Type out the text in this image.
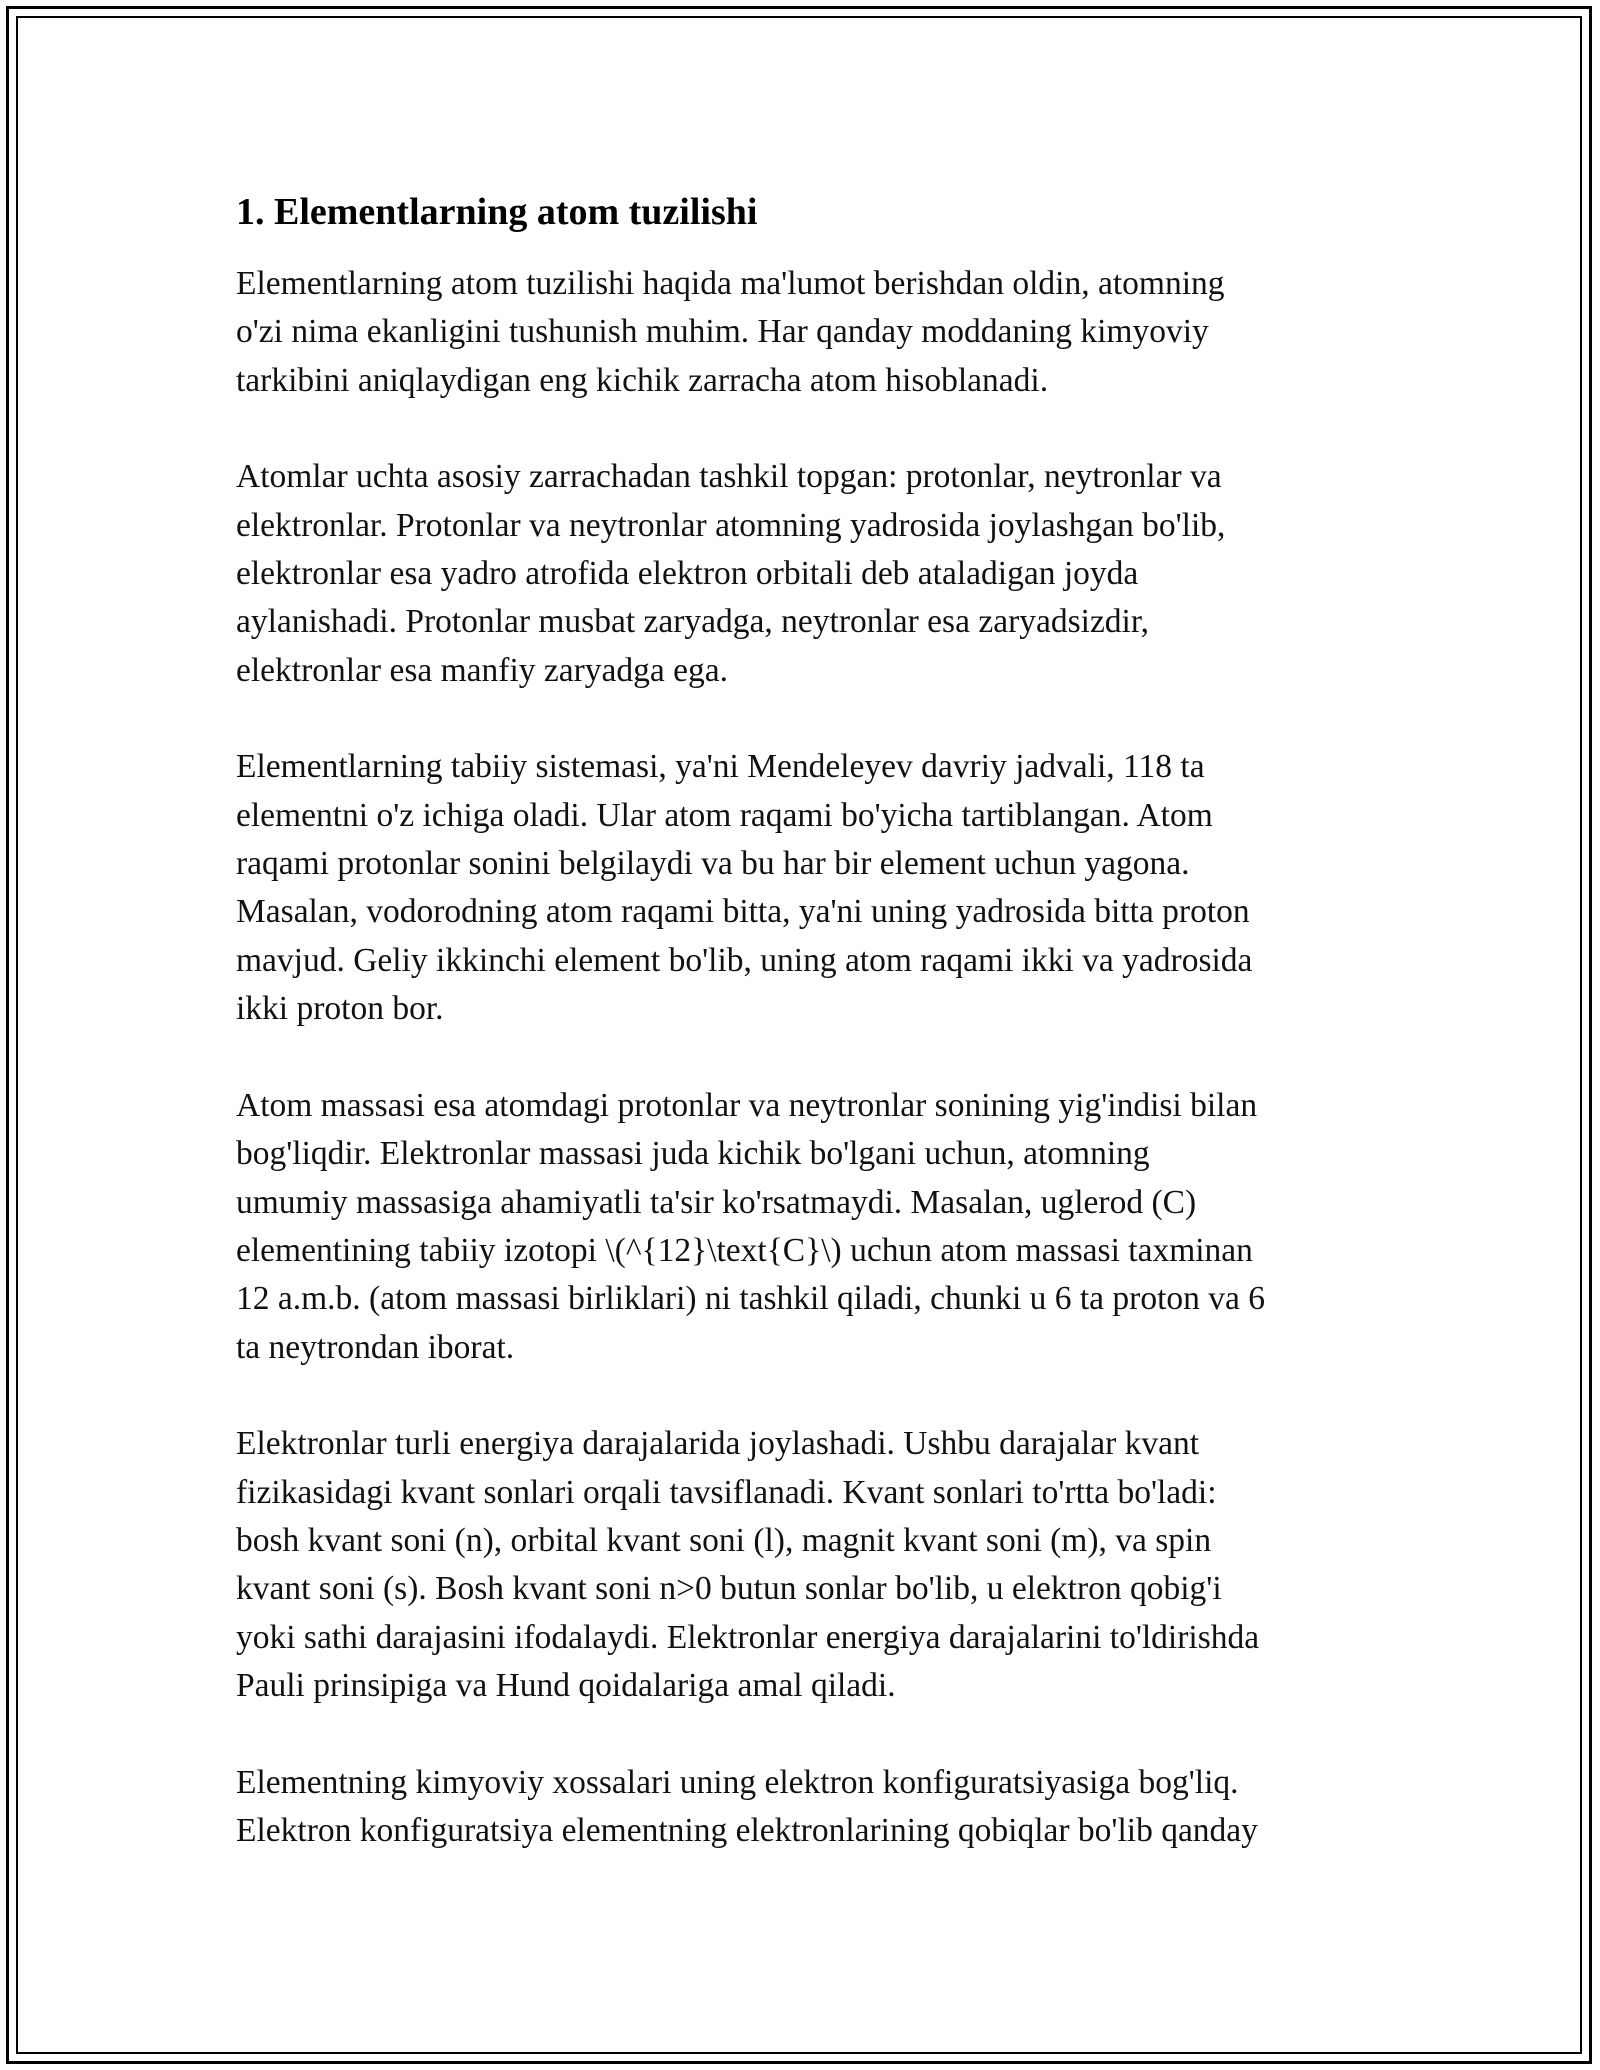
1. Elementlarning atom tuzilishi

Elementlarning atom tuzilishi haqida ma'lumot berishdan oldin, atomning
o'zi nima ekanligini tushunish muhim. Har qanday moddaning kimyoviy
tarkibini aniqlaydigan eng kichik zarracha atom hisoblanadi.

Atomlar uchta asosiy zarrachadan tashkil topgan: protonlar, neytronlar va
elektronlar. Protonlar va neytronlar atomning yadrosida joylashgan bo'lib,
elektronlar esa yadro atrofida elektron orbitali deb ataladigan joyda
aylanishadi. Protonlar musbat zaryadga, neytronlar esa zaryadsizdir,
elektronlar esa manfiy zaryadga ega.

Elementlarning tabiiy sistemasi, ya'ni Mendeleyev davriy jadvali, 118 ta
elementni o'z ichiga oladi. Ular atom raqami bo'yicha tartiblangan. Atom
raqami protonlar sonini belgilaydi va bu har bir element uchun yagona.
Masalan, vodorodning atom raqami bitta, ya'ni uning yadrosida bitta proton
mavjud. Geliy ikkinchi element bo'lib, uning atom raqami ikki va yadrosida
ikki proton bor.

Atom massasi esa atomdagi protonlar va neytronlar sonining yig'indisi bilan
bog'liqdir. Elektronlar massasi juda kichik bo'lgani uchun, atomning
umumiy massasiga ahamiyatli ta'sir ko'rsatmaydi. Masalan, uglerod (C)
elementining tabiiy izotopi \(^{12}\text{C}\) uchun atom massasi taxminan
12 a.m.b. (atom massasi birliklari) ni tashkil qiladi, chunki u 6 ta proton va 6
ta neytrondan iborat.

Elektronlar turli energiya darajalarida joylashadi. Ushbu darajalar kvant
fizikasidagi kvant sonlari orqali tavsiflanadi. Kvant sonlari to'rtta bo'ladi:
bosh kvant soni (n), orbital kvant soni (l), magnit kvant soni (m), va spin
kvant soni (s). Bosh kvant soni n>0 butun sonlar bo'lib, u elektron qobig'i
yoki sathi darajasini ifodalaydi. Elektronlar energiya darajalarini to'ldirishda
Pauli prinsipiga va Hund qoidalariga amal qiladi.

Elementning kimyoviy xossalari uning elektron konfiguratsiyasiga bog'liq.
Elektron konfiguratsiya elementning elektronlarining qobiqlar bo'lib qanday
